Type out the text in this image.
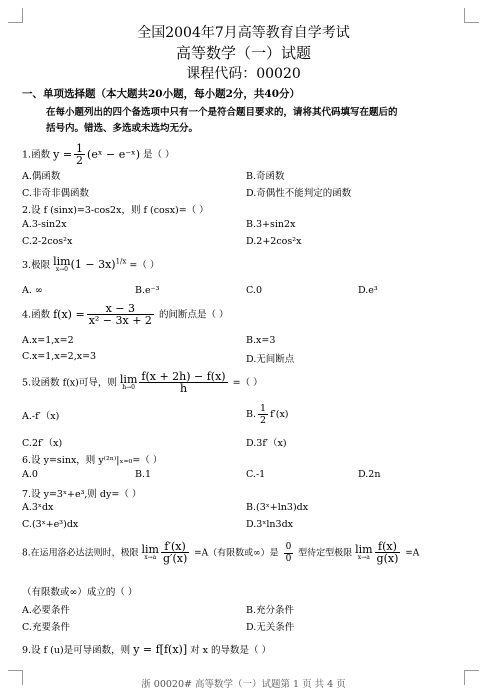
全国2004年7月高等教育自学考试
高等数学（一）试题
课程代码：00020
一、单项选择题（本大题共20小题，每小题2分，共40分）
在每小题列出的四个备选项中只有一个是符合题目要求的，请将其代码填写在题后的
括号内。错选、多选或未选均无分。
1.函数 $y = \frac{1}{2}$ (eˣ − e⁻ˣ) 是（ ）
A.偶函数	B.奇函数
C.非奇非偶函数	D.奇偶性不能判定的函数
2.设 f (sinx)=3-cos2x，则 f (cosx)=（ ）
A.3-sin2x	B.3+sin2x
C.2-2cos²x	D.2+2cos²x
3.极限 lim
x→0 $(1 - 3x)^{1/x}$ =（ ）
A. ∞	B.e⁻³	C.0	D.e³
4.函数 $f(x) = \frac{x - 3}{\text{x² − 3x + 2}}$ 的间断点是（ ）
A.x=1,x=2	B.x=3
C.x=1,x=2,x=3	D.无间断点
5.设函数 f(x)可导，则 lim
$h\to 0 \frac{f(x + 2h) - f(x)}{h}$ =（ ）
A.-f′（x)	B. $\frac{1}{2} f'(x)$
C.2f′（x)	D.3f′（x)
6.设 y=sinx，则 y⁽²ⁿ⁾|ₓ₌₀=（ ）
A.0	B.1	C.-1	D.2n
7.设 y=3ˣ+e³,则 dy=（ ）
A.3ˣdx	B.(3ˣ+ln3)dx
C.(3ˣ+e³)dx	D.3ˣln3dx
8.在运用洛必达法则时，极限 lim
$x\to a \frac{f'(x)}{g'(x)} =A$（有限数或∞）是 $\frac{0}{0}$ 型待定型极限 lim
$x\to a \frac{f(x)}{g(x)} =A$
（有限数或∞）成立的（ ）
A.必要条件	B.充分条件
C.充要条件	D.无关条件
9.设 f (u)是可导函数，则 y = f[f(x)] 对 x 的导数是（ ）
浙 00020# 高等数学（一）试题第 1 页 共 4 页
